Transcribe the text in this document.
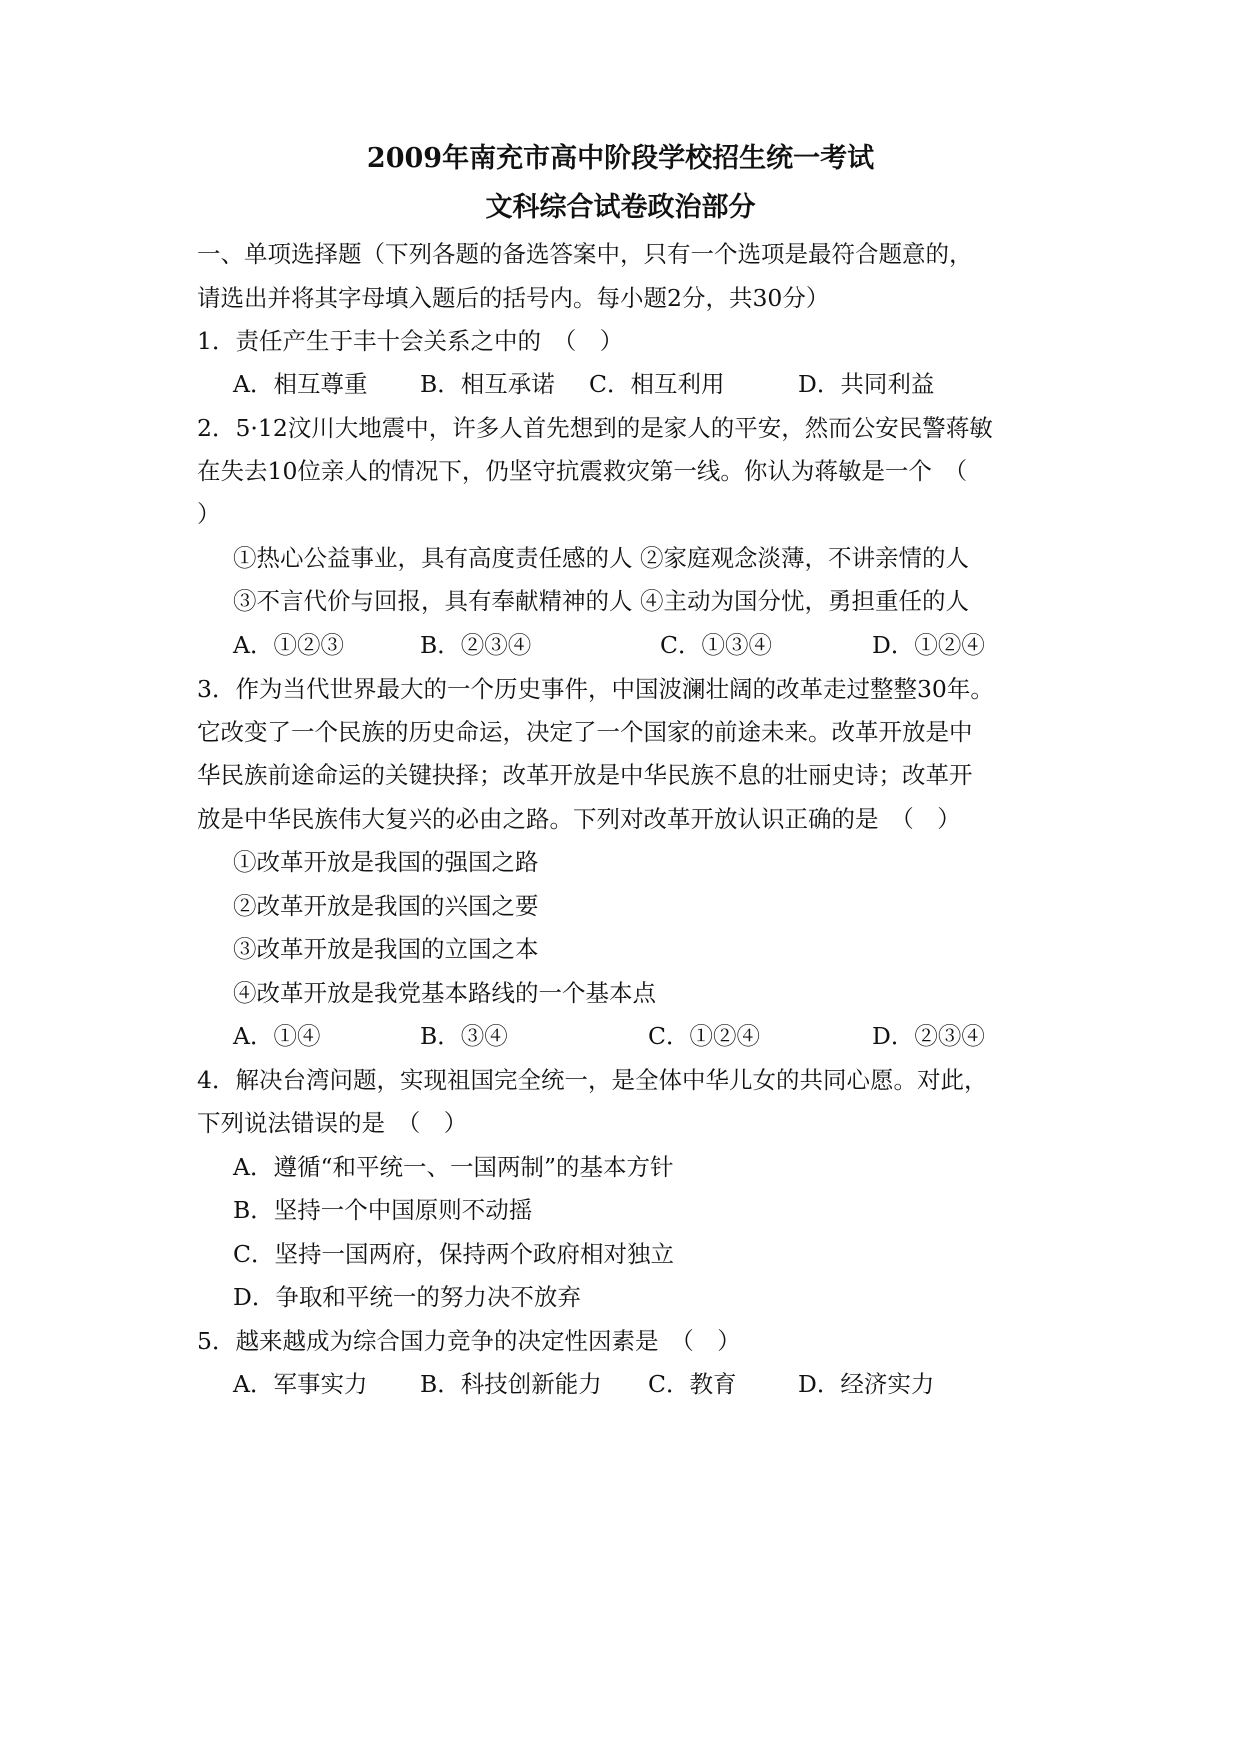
2009年南充市高中阶段学校招生统一考试
文科综合试卷政治部分
一、单项选择题（下列各题的备选答案中，只有一个选项是最符合题意的，
请选出并将其字母填入题后的括号内。每小题2分，共30分）
1．责任产生于丰十会关系之中的　（　）
A．相互尊重 B．相互承诺 C．相互利用	D．共同利益
2．5·12汶川大地震中，许多人首先想到的是家人的平安，然而公安民警蒋敏
在失去10位亲人的情况下，仍坚守抗震救灾第一线。你认为蒋敏是一个　（
）
①热心公益事业，具有高度责任感的人 ②家庭观念淡薄，不讲亲情的人
③不言代价与回报，具有奉献精神的人 ④主动为国分忧，勇担重任的人
A．①②③	B．②③④	C．①③④	D．①②④
3．作为当代世界最大的一个历史事件，中国波澜壮阔的改革走过整整30年。
它改变了一个民族的历史命运，决定了一个国家的前途未来。改革开放是中
华民族前途命运的关键抉择；改革开放是中华民族不息的壮丽史诗；改革开
放是中华民族伟大复兴的必由之路。下列对改革开放认识正确的是　（　）
①改革开放是我国的强国之路
②改革开放是我国的兴国之要
③改革开放是我国的立国之本
④改革开放是我党基本路线的一个基本点
A．①④	B．③④	C．①②④	D．②③④
4．解决台湾问题，实现祖国完全统一，是全体中华儿女的共同心愿。对此，
下列说法错误的是　（　）
A．遵循“和平统一、一国两制”的基本方针
B．坚持一个中国原则不动摇
C．坚持一国两府，保持两个政府相对独立
D．争取和平统一的努力决不放弃
5．越来越成为综合国力竞争的决定性因素是　（　）
A．军事实力 B．科技创新能力 C．教育	D．经济实力
